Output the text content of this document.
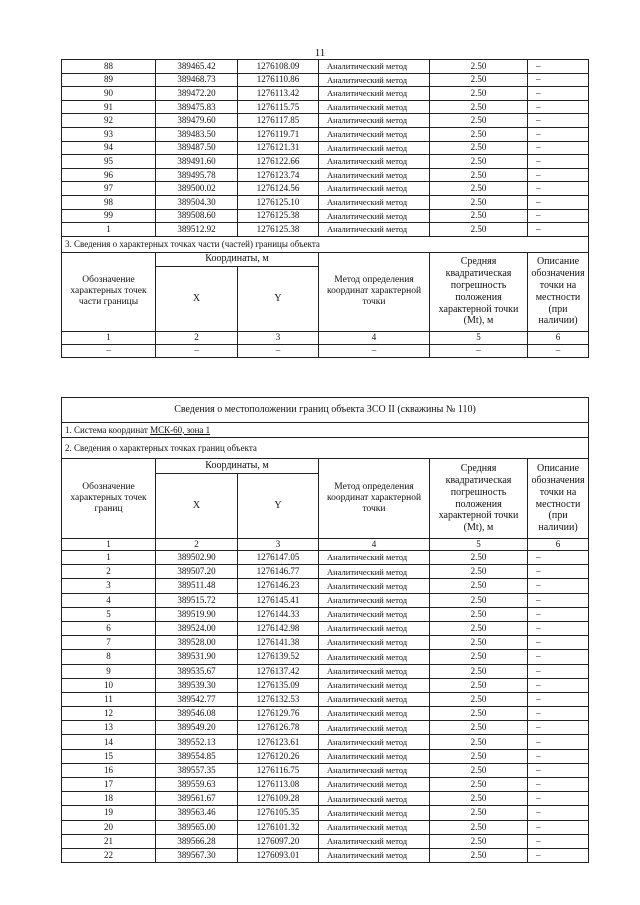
11
88	389465.42	1276108.09	Аналитический метод	2.50	–
89	389468.73	1276110.86	Аналитический метод	2.50	–
90	389472.20	1276113.42	Аналитический метод	2.50	–
91	389475.83	1276115.75	Аналитический метод	2.50	–
92	389479.60	1276117.85	Аналитический метод	2.50	–
93	389483.50	1276119.71	Аналитический метод	2.50	–
94	389487.50	1276121.31	Аналитический метод	2.50	–
95	389491.60	1276122.66	Аналитический метод	2.50	–
96	389495.78	1276123.74	Аналитический метод	2.50	–
97	389500.02	1276124.56	Аналитический метод	2.50	–
98	389504.30	1276125.10	Аналитический метод	2.50	–
99	389508.60	1276125.38	Аналитический метод	2.50	–
1	389512.92	1276125.38	Аналитический метод	2.50	–
3. Сведения о характерных точках части (частей) границы объекта					
Обозначение характерных точек части границы	Координаты, м		Метод определения координат характерной точки	Средняя квадратическая погрешность положения характерной точки (Mt), м	Описание обозначения точки на местности (при наличии)
	X	Y			
1	2	3	4	5	6
–	–	–	–	–	–
Сведения о местоположении границ объекта ЗСО II (скважины № 110)					
1. Система координат МСК-60, зона 1					
2. Сведения о характерных точках границ объекта					
Обозначение характерных точек границ	Координаты, м		Метод определения координат характерной точки	Средняя квадратическая погрешность положения характерной точки (Mt), м	Описание обозначения точки на местности (при наличии)
	X	Y			
1	2	3	4	5	6
1	389502.90	1276147.05	Аналитический метод	2.50	–
2	389507.20	1276146.77	Аналитический метод	2.50	–
3	389511.48	1276146.23	Аналитический метод	2.50	–
4	389515.72	1276145.41	Аналитический метод	2.50	–
5	389519.90	1276144.33	Аналитический метод	2.50	–
6	389524.00	1276142.98	Аналитический метод	2.50	–
7	389528.00	1276141.38	Аналитический метод	2.50	–
8	389531.90	1276139.52	Аналитический метод	2.50	–
9	389535.67	1276137.42	Аналитический метод	2.50	–
10	389539.30	1276135.09	Аналитический метод	2.50	–
11	389542.77	1276132.53	Аналитический метод	2.50	–
12	389546.08	1276129.76	Аналитический метод	2.50	–
13	389549.20	1276126.78	Аналитический метод	2.50	–
14	389552.13	1276123.61	Аналитический метод	2.50	–
15	389554.85	1276120.26	Аналитический метод	2.50	–
16	389557.35	1276116.75	Аналитический метод	2.50	–
17	389559.63	1276113.08	Аналитический метод	2.50	–
18	389561.67	1276109.28	Аналитический метод	2.50	–
19	389563.46	1276105.35	Аналитический метод	2.50	–
20	389565.00	1276101.32	Аналитический метод	2.50	–
21	389566.28	1276097.20	Аналитический метод	2.50	–
22	389567.30	1276093.01	Аналитический метод	2.50	–
